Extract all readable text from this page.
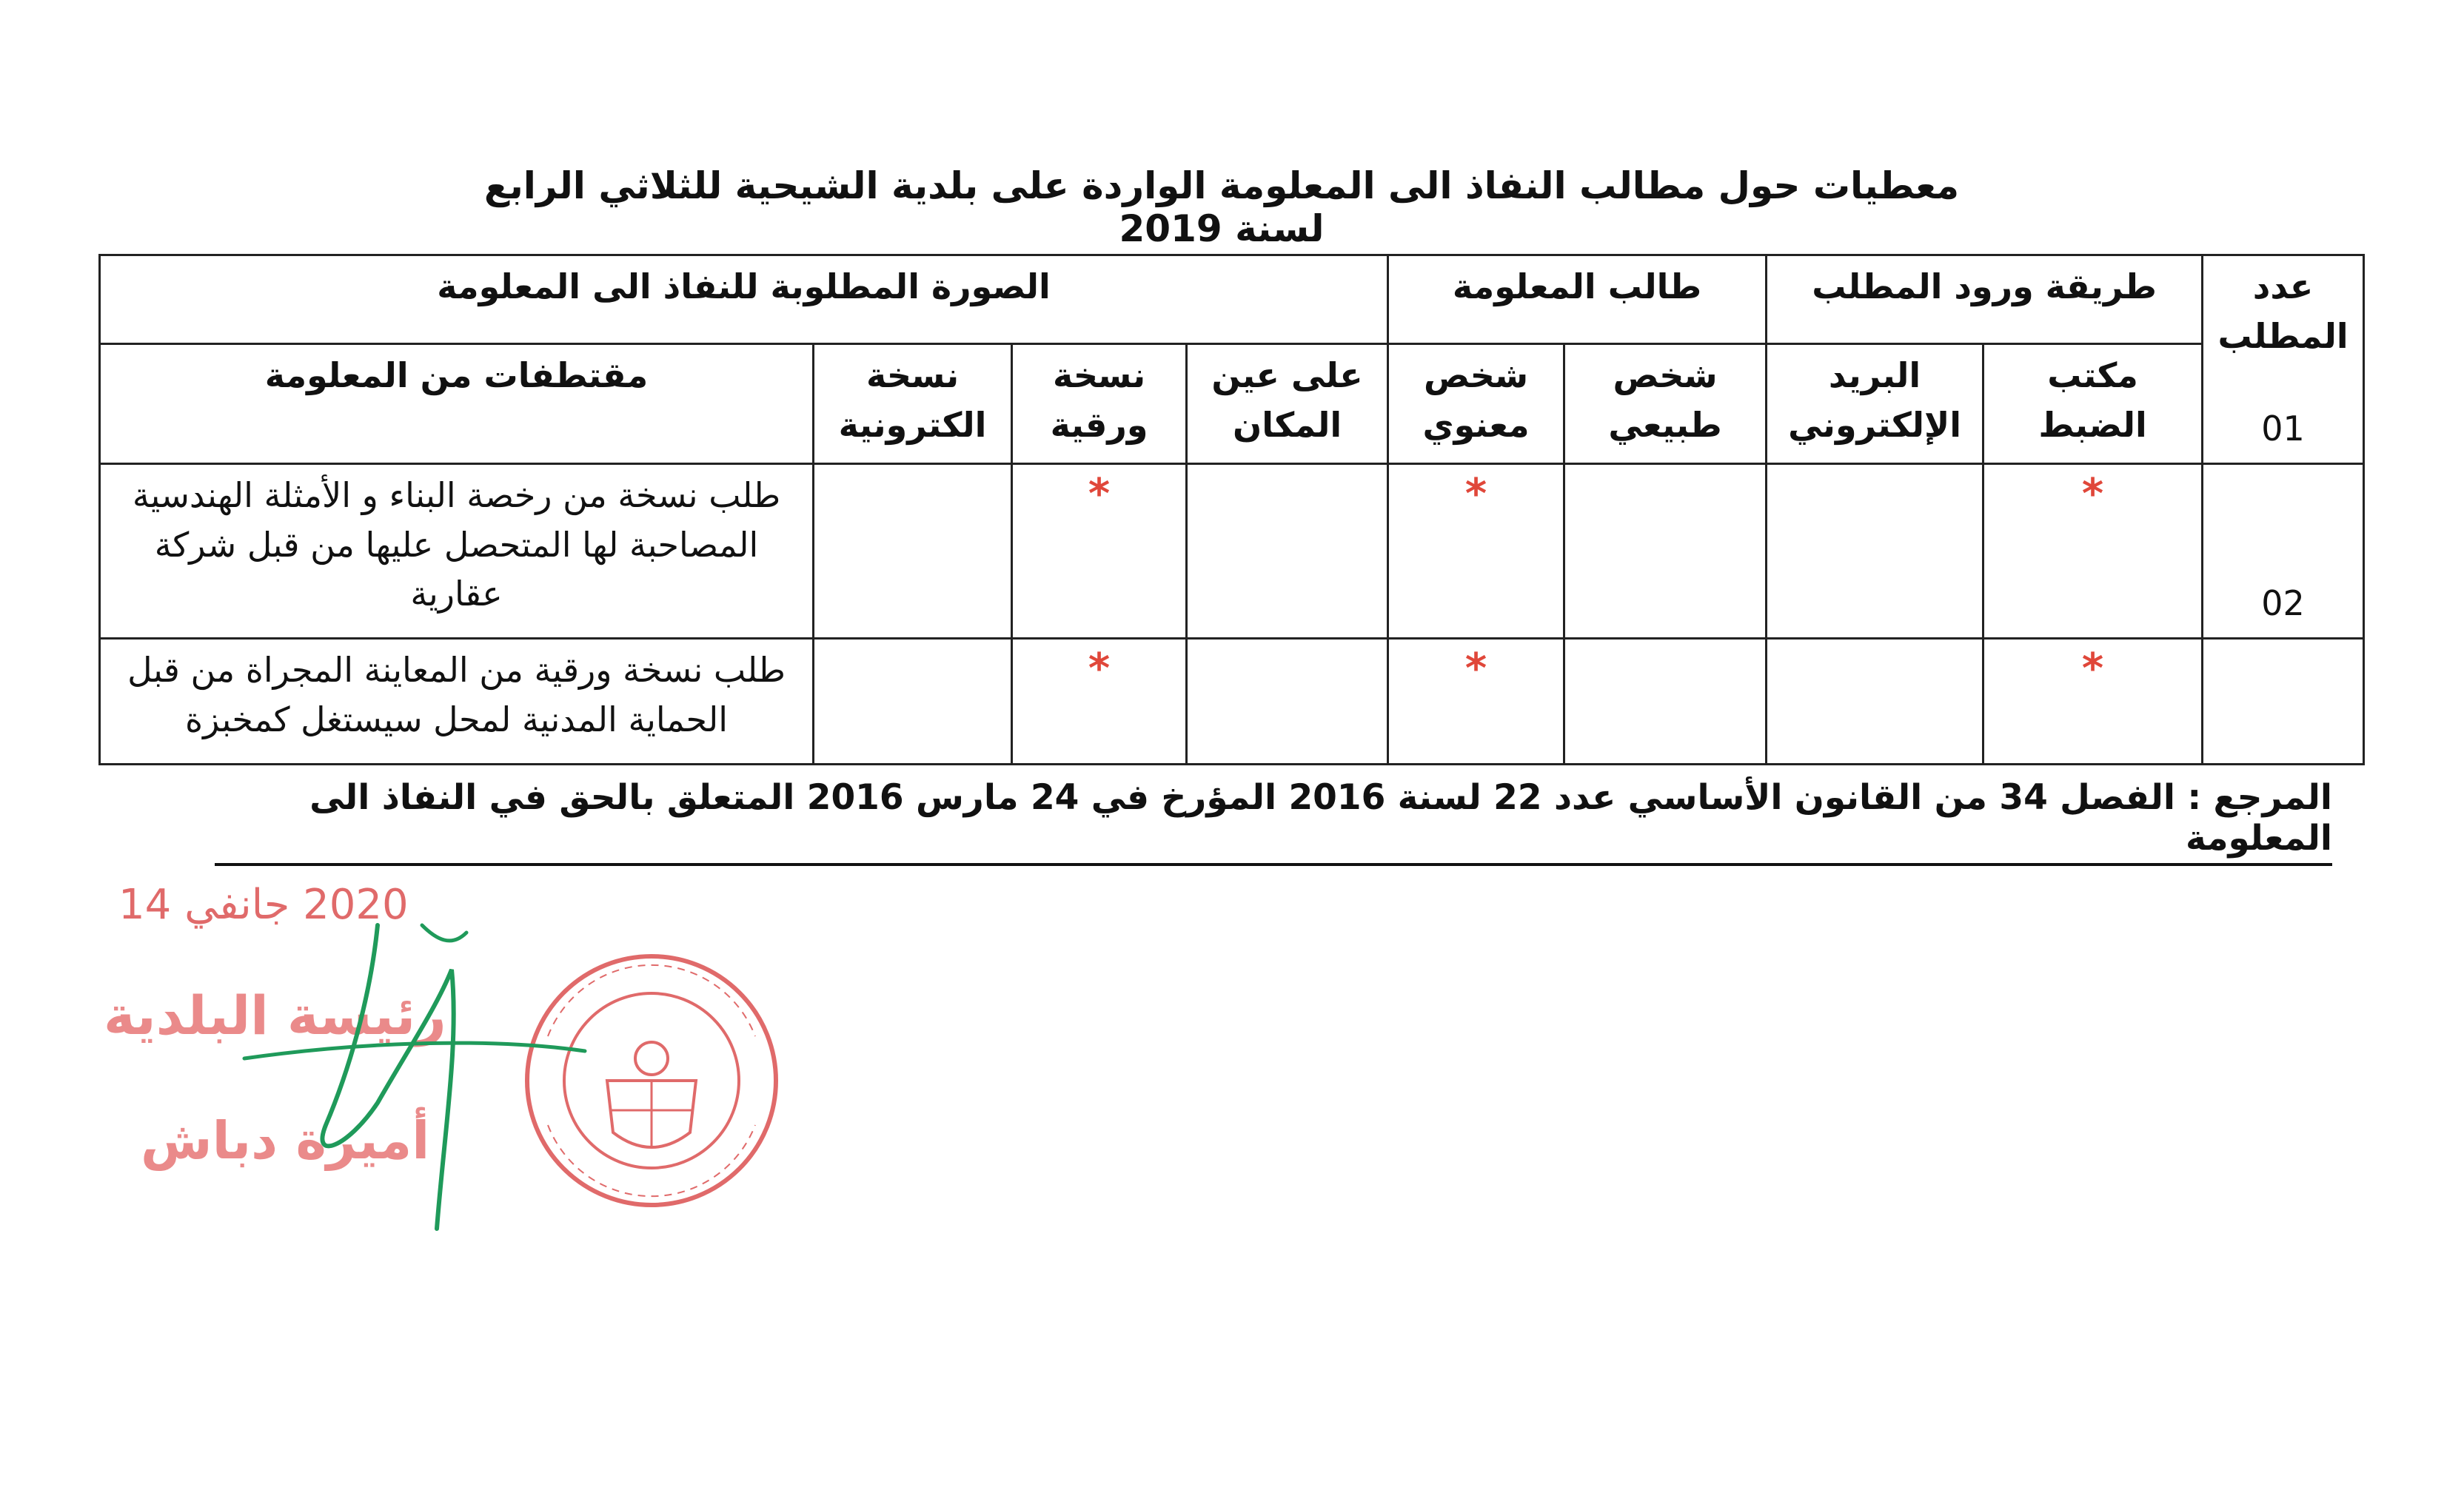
معطيات حول مطالب النفاذ الى المعلومة الواردة على بلدية الشيحية للثلاثي الرابع لسنة 2019
عدد المطلب	طريقة ورود المطلب		طالب المعلومة		الصورة المطلوبة للنفاذ الى المعلومة			
	مكتب الضبط	البريد الإلكتروني	شخص طبيعي	شخص معنوي	على عين المكان	نسخة ورقية	نسخة الكترونية	مقتطفات من المعلومة

01	*			*		*		طلب نسخة من رخصة البناء و الأمثلة الهندسية المصاحبة لها المتحصل عليها من قبل شركة عقارية

02	*			*		*		طلب نسخة ورقية من المعاينة المجراة من قبل الحماية المدنية لمحل سيستغل كمخبزة
المرجع : الفصل 34 من القانون الأساسي عدد 22 لسنة 2016 المؤرخ في 24 مارس 2016 المتعلق بالحق في النفاذ الى المعلومة
2020 جانفي 14
رئيسة البلدية
أميرة دباش
